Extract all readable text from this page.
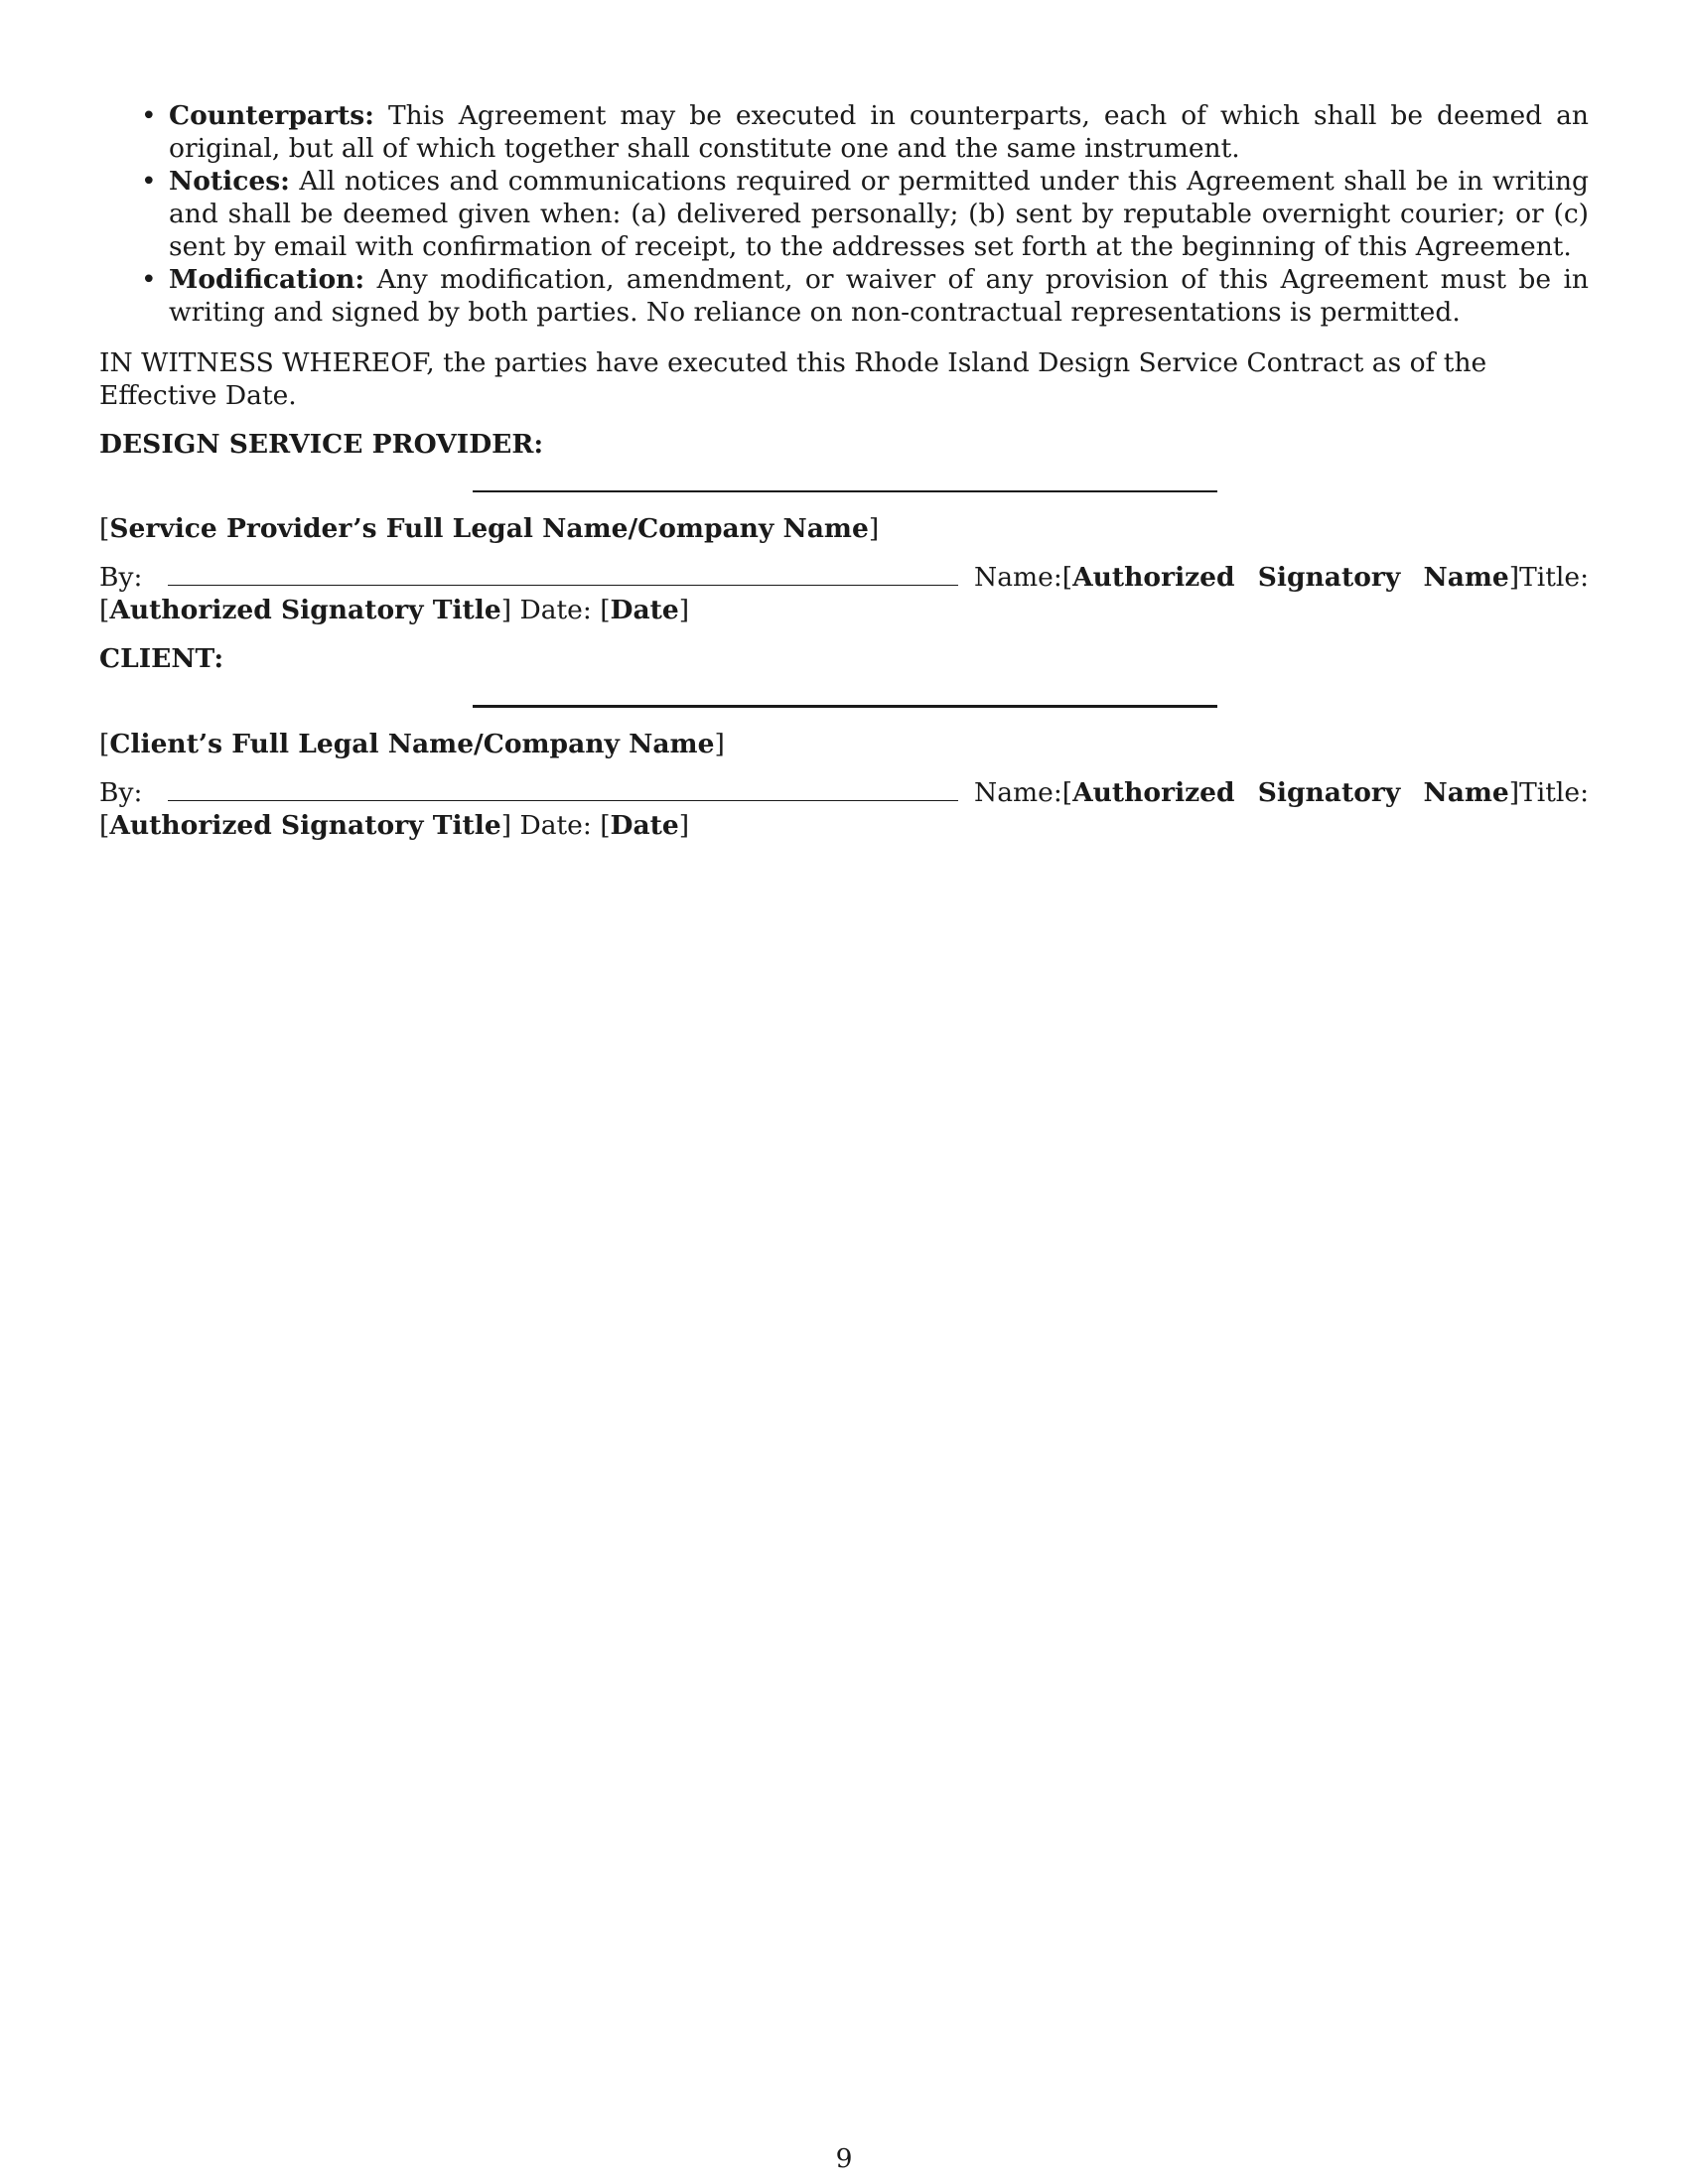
• Counterparts: This Agreement may be executed in counterparts, each of which shall be deemed an original, but all of which together shall constitute one and the same instrument.
• Notices: All notices and communications required or permitted under this Agreement shall be in writing and shall be deemed given when: (a) delivered personally; (b) sent by reputable overnight courier; or (c) sent by email with confirmation of receipt, to the addresses set forth at the beginning of this Agreement.
• Modification: Any modification, amendment, or waiver of any provision of this Agreement must be in writing and signed by both parties. No reliance on non-contractual representations is permitted.

IN WITNESS WHEREOF, the parties have executed this Rhode Island Design Service Contract as of the Effective Date.

DESIGN SERVICE PROVIDER:

[Service Provider’s Full Legal Name/Company Name]

By:	Name: [Authorized Signatory Name] Title:

[Authorized Signatory Title] Date: [Date]

CLIENT:

[Client’s Full Legal Name/Company Name]

By:	Name: [Authorized Signatory Name] Title:

[Authorized Signatory Title] Date: [Date]

9
